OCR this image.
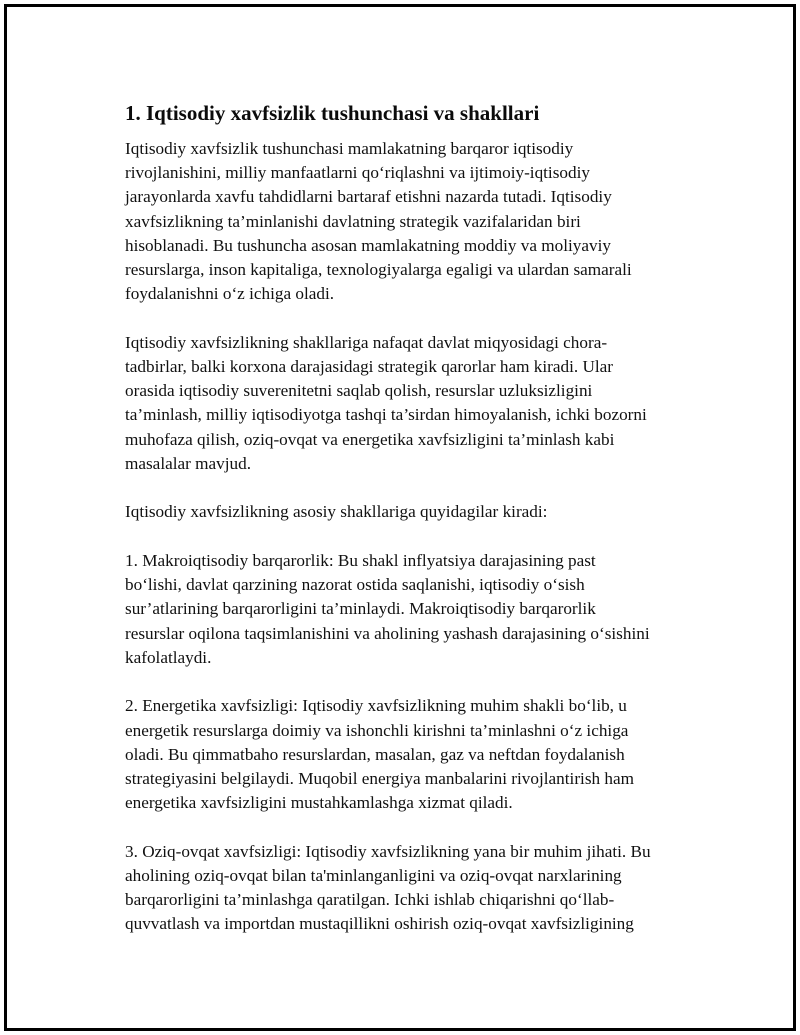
1. Iqtisodiy xavfsizlik tushunchasi va shakllari
Iqtisodiy xavfsizlik tushunchasi mamlakatning barqaror iqtisodiy
rivojlanishini, milliy manfaatlarni qo‘riqlashni va ijtimoiy-iqtisodiy
jarayonlarda xavfu tahdidlarni bartaraf etishni nazarda tutadi. Iqtisodiy
xavfsizlikning ta’minlanishi davlatning strategik vazifalaridan biri
hisoblanadi. Bu tushuncha asosan mamlakatning moddiy va moliyaviy
resurslarga, inson kapitaliga, texnologiyalarga egaligi va ulardan samarali
foydalanishni o‘z ichiga oladi.
Iqtisodiy xavfsizlikning shakllariga nafaqat davlat miqyosidagi chora-
tadbirlar, balki korxona darajasidagi strategik qarorlar ham kiradi. Ular
orasida iqtisodiy suverenitetni saqlab qolish, resurslar uzluksizligini
ta’minlash, milliy iqtisodiyotga tashqi ta’sirdan himoyalanish, ichki bozorni
muhofaza qilish, oziq-ovqat va energetika xavfsizligini ta’minlash kabi
masalalar mavjud.
Iqtisodiy xavfsizlikning asosiy shakllariga quyidagilar kiradi:
1. Makroiqtisodiy barqarorlik: Bu shakl inflyatsiya darajasining past
bo‘lishi, davlat qarzining nazorat ostida saqlanishi, iqtisodiy o‘sish
sur’atlarining barqarorligini ta’minlaydi. Makroiqtisodiy barqarorlik
resurslar oqilona taqsimlanishini va aholining yashash darajasining o‘sishini
kafolatlaydi.
2. Energetika xavfsizligi: Iqtisodiy xavfsizlikning muhim shakli bo‘lib, u
energetik resurslarga doimiy va ishonchli kirishni ta’minlashni o‘z ichiga
oladi. Bu qimmatbaho resurslardan, masalan, gaz va neftdan foydalanish
strategiyasini belgilaydi. Muqobil energiya manbalarini rivojlantirish ham
energetika xavfsizligini mustahkamlashga xizmat qiladi.
3. Oziq-ovqat xavfsizligi: Iqtisodiy xavfsizlikning yana bir muhim jihati. Bu
aholining oziq-ovqat bilan ta'minlanganligini va oziq-ovqat narxlarining
barqarorligini ta’minlashga qaratilgan. Ichki ishlab chiqarishni qo‘llab-
quvvatlash va importdan mustaqillikni oshirish oziq-ovqat xavfsizligining
